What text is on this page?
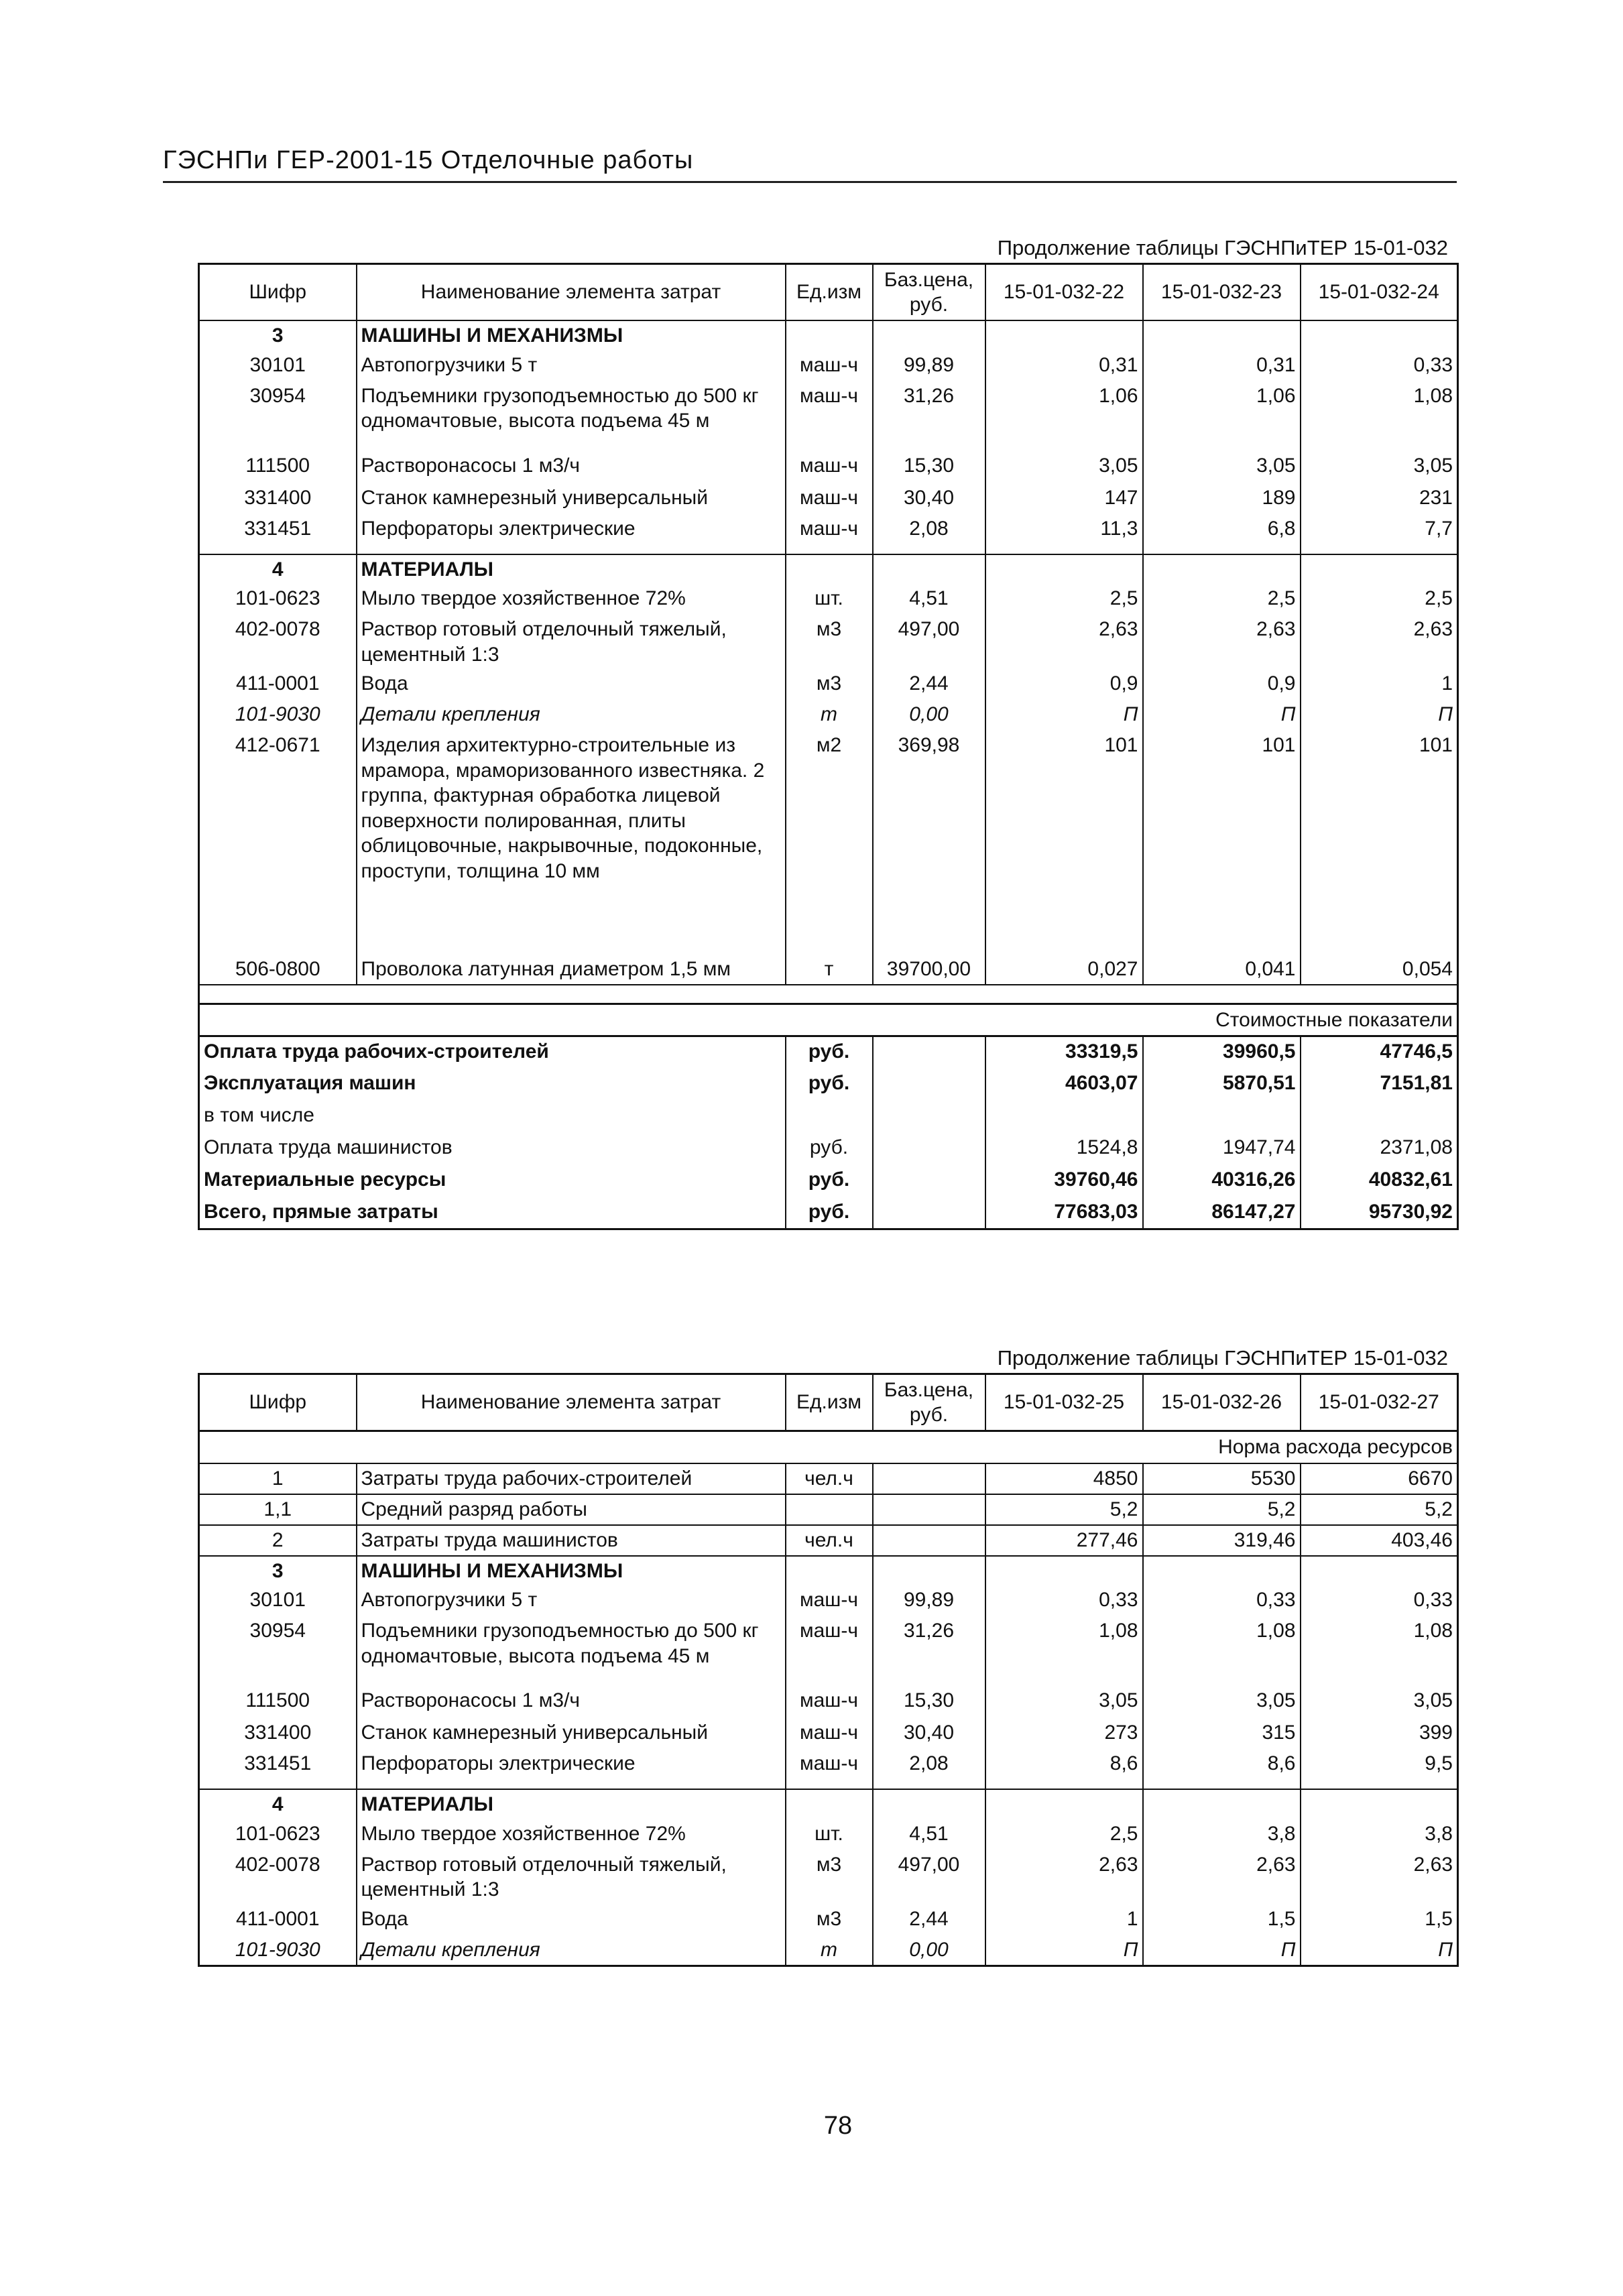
ГЭСНПи ГЕР-2001-15 Отделочные работы
Продолжение таблицы ГЭСНПиТЕР 15-01-032
Шифр	Наименование элемента затрат	Ед.изм	Баз.цена, руб.	15-01-032-22	15-01-032-23	15-01-032-24
3	МАШИНЫ И МЕХАНИЗМЫ					
30101	Автопогрузчики 5 т	маш-ч	99,89	0,31	0,31	0,33
30954	Подъемники грузоподъемностью до 500 кг одномачтовые, высота подъема 45 м	маш-ч	31,26	1,06	1,06	1,08
111500	Растворонасосы 1 м3/ч	маш-ч	15,30	3,05	3,05	3,05
331400	Станок камнерезный универсальный	маш-ч	30,40	147	189	231
331451	Перфораторы электрические	маш-ч	2,08	11,3	6,8	7,7
4	МАТЕРИАЛЫ					
101-0623	Мыло твердое хозяйственное 72%	шт.	4,51	2,5	2,5	2,5
402-0078	Раствор готовый отделочный тяжелый, цементный 1:3	м3	497,00	2,63	2,63	2,63
411-0001	Вода	м3	2,44	0,9	0,9	1
101-9030	Детали крепления	т	0,00	П	П	П
412-0671	Изделия архитектурно-строительные из мрамора, мраморизованного известняка. 2 группа, фактурная обработка лицевой поверхности полированная, плиты облицовочные, накрывочные, подоконные, проступи, толщина 10 мм	м2	369,98	101	101	101
506-0800	Проволока латунная диаметром 1,5 мм	т	39700,00	0,027	0,041	0,054

Стоимостные показатели						
Оплата труда рабочих-строителей		руб.		33319,5	39960,5	47746,5
Эксплуатация машин		руб.		4603,07	5870,51	7151,81
в том числе						
Оплата труда машинистов		руб.		1524,8	1947,74	2371,08
Материальные ресурсы		руб.		39760,46	40316,26	40832,61
Всего, прямые затраты		руб.		77683,03	86147,27	95730,92
Продолжение таблицы ГЭСНПиТЕР 15-01-032
Шифр	Наименование элемента затрат	Ед.изм	Баз.цена, руб.	15-01-032-25	15-01-032-26	15-01-032-27
Норма расхода ресурсов						
1	Затраты труда рабочих-строителей	чел.ч		4850	5530	6670
1,1	Средний разряд работы			5,2	5,2	5,2
2	Затраты труда машинистов	чел.ч		277,46	319,46	403,46
3	МАШИНЫ И МЕХАНИЗМЫ					
30101	Автопогрузчики 5 т	маш-ч	99,89	0,33	0,33	0,33
30954	Подъемники грузоподъемностью до 500 кг одномачтовые, высота подъема 45 м	маш-ч	31,26	1,08	1,08	1,08
111500	Растворонасосы 1 м3/ч	маш-ч	15,30	3,05	3,05	3,05
331400	Станок камнерезный универсальный	маш-ч	30,40	273	315	399
331451	Перфораторы электрические	маш-ч	2,08	8,6	8,6	9,5
4	МАТЕРИАЛЫ					
101-0623	Мыло твердое хозяйственное 72%	шт.	4,51	2,5	3,8	3,8
402-0078	Раствор готовый отделочный тяжелый, цементный 1:3	м3	497,00	2,63	2,63	2,63
411-0001	Вода	м3	2,44	1	1,5	1,5
101-9030	Детали крепления	т	0,00	П	П	П
78
